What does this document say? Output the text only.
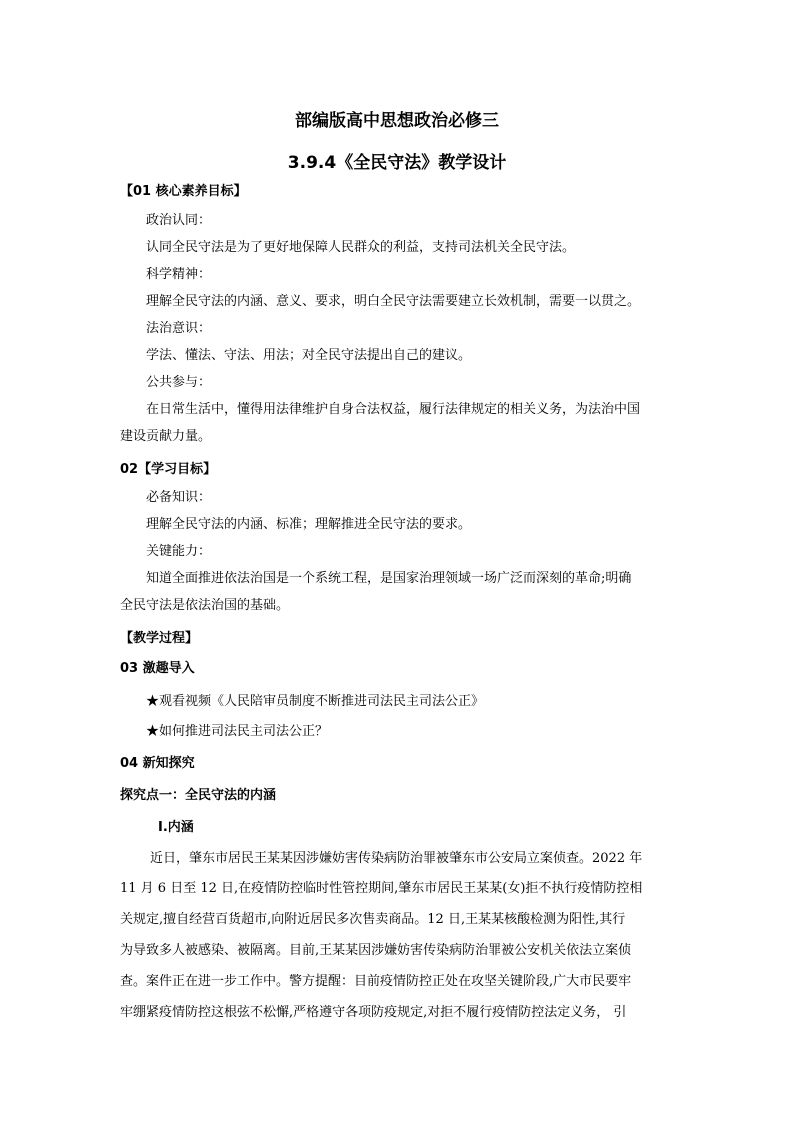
部编版高中思想政治必修三
3.9.4《全民守法》教学设计
【01 核心素养目标】
政治认同：
认同全民守法是为了更好地保障人民群众的利益，支持司法机关全民守法。
科学精神：
理解全民守法的内涵、意义、要求，明白全民守法需要建立长效机制，需要一以贯之。
法治意识：
学法、懂法、守法、用法；对全民守法提出自己的建议。
公共参与：
在日常生活中，懂得用法律维护自身合法权益，履行法律规定的相关义务，为法治中国
建设贡献力量。
02【学习目标】
必备知识：
理解全民守法的内涵、标准；理解推进全民守法的要求。
关键能力：
知道全面推进依法治国是一个系统工程，是国家治理领域一场广泛而深刻的革命;明确
全民守法是依法治国的基础。
【教学过程】
03 激趣导入
★观看视频《人民陪审员制度不断推进司法民主司法公正》
★如何推进司法民主司法公正？
04 新知探究
探究点一：全民守法的内涵
Ⅰ.内涵
近日，肇东市居民王某某因涉嫌妨害传染病防治罪被肇东市公安局立案侦查。2022 年
11 月 6 日至 12 日,在疫情防控临时性管控期间,肇东市居民王某某(女)拒不执行疫情防控相
关规定,擅自经营百货超市,向附近居民多次售卖商品。12 日,王某某核酸检测为阳性,其行
为导致多人被感染、被隔离。目前,王某某因涉嫌妨害传染病防治罪被公安机关依法立案侦
查。案件正在进一步工作中。警方提醒：目前疫情防控正处在攻坚关键阶段,广大市民要牢
牢绷紧疫情防控这根弦不松懈,严格遵守各项防疫规定,对拒不履行疫情防控法定义务， 引
